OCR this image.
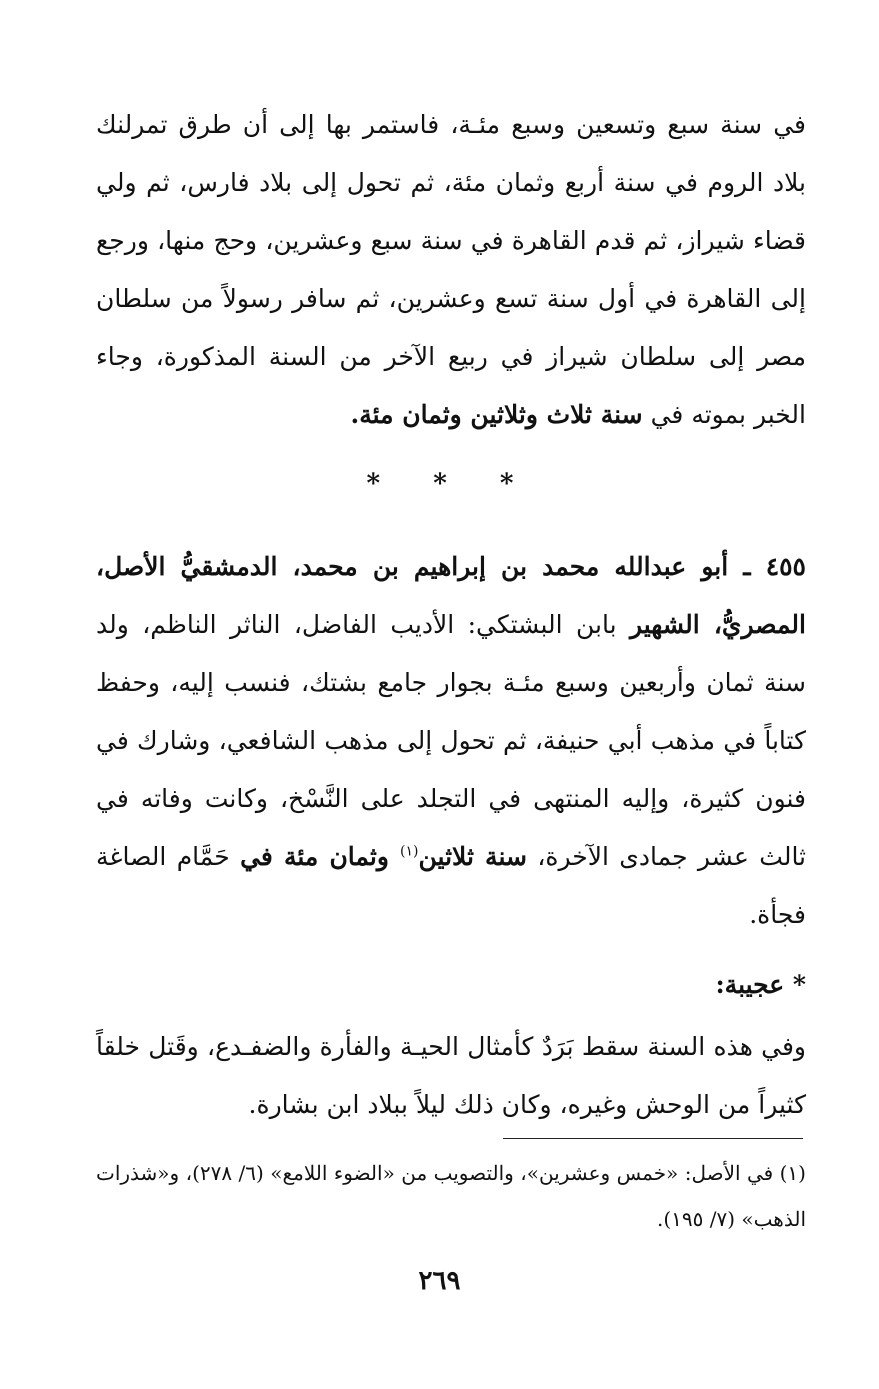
في سنة سبع وتسعين وسبع مئـة، فاستمر بها إلى أن طرق تمرلنك بلاد الروم في سنة أربع وثمان مئة، ثم تحول إلى بلاد فارس، ثم ولي قضاء شيراز، ثم قدم القاهرة في سنة سبع وعشرين، وحج منها، ورجع إلى القاهرة في أول سنة تسع وعشرين، ثم سافر رسولاً من سلطان مصر إلى سلطان شيراز في ربيع الآخر من السنة المذكورة، وجاء الخبر بموته في سنة ثلاث وثلاثين وثمان مئة.

* * *

٤٥٥ ـ أبو عبدالله محمد بن إبراهيم بن محمد، الدمشقيُّ الأصل، المصريُّ، الشهير بابن البشتكي: الأديب الفاضل، الناثر الناظم، ولد سنة ثمان وأربعين وسبع مئـة بجوار جامع بشتك، فنسب إليه، وحفظ كتاباً في مذهب أبي حنيفة، ثم تحول إلى مذهب الشافعي، وشارك في فنون كثيرة، وإليه المنتهى في التجلد على النَّسْخ، وكانت وفاته في ثالث عشر جمادى الآخرة، سنة ثلاثين$^{(١)}$ وثمان مئة في حَمَّام الصاغة فجأة.

* عجيبة:

وفي هذه السنة سقط بَرَدٌ كأمثال الحيـة والفأرة والضفـدع، وقَتل خلقاً كثيراً من الوحش وغيره، وكان ذلك ليلاً ببلاد ابن بشارة.

(١) في الأصل: «خمس وعشرين»، والتصويب من «الضوء اللامع» (٦/ ٢٧٨)، و«شذرات الذهب» (٧/ ١٩٥).
٢٦٩
